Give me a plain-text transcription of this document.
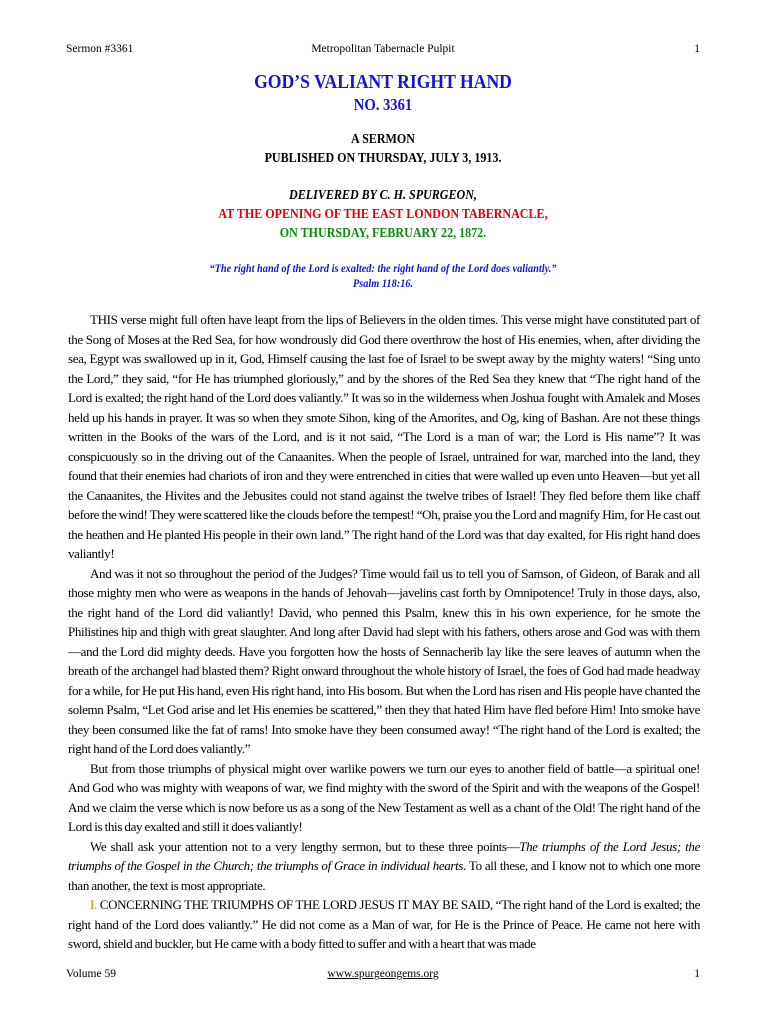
Sermon #3361	Metropolitan Tabernacle Pulpit	1
GOD’S VALIANT RIGHT HAND
NO. 3361
A SERMON
PUBLISHED ON THURSDAY, JULY 3, 1913.
DELIVERED BY C. H. SPURGEON,
AT THE OPENING OF THE EAST LONDON TABERNACLE,
ON THURSDAY, FEBRUARY 22, 1872.
“The right hand of the Lord is exalted: the right hand of the Lord does valiantly.”
Psalm 118:16.

THIS verse might full often have leapt from the lips of Believers in the olden times. This verse might have constituted part of the Song of Moses at the Red Sea, for how wondrously did God there overthrow the host of His enemies, when, after dividing the sea, Egypt was swallowed up in it, God, Himself causing the last foe of Israel to be swept away by the mighty waters! “Sing unto the Lord,” they said, “for He has triumphed gloriously,” and by the shores of the Red Sea they knew that “The right hand of the Lord is exalted; the right hand of the Lord does valiantly.” It was so in the wilderness when Joshua fought with Amalek and Moses held up his hands in prayer. It was so when they smote Sihon, king of the Amorites, and Og, king of Bashan. Are not these things written in the Books of the wars of the Lord, and is it not said, “The Lord is a man of war; the Lord is His name”? It was conspicuously so in the driving out of the Canaanites. When the people of Israel, untrained for war, marched into the land, they found that their enemies had chariots of iron and they were entrenched in cities that were walled up even unto Heaven—but yet all the Canaanites, the Hivites and the Jebusites could not stand against the twelve tribes of Israel! They fled before them like chaff before the wind! They were scattered like the clouds before the tempest! “Oh, praise you the Lord and magnify Him, for He cast out the heathen and He planted His people in their own land.” The right hand of the Lord was that day exalted, for His right hand does valiantly!

And was it not so throughout the period of the Judges? Time would fail us to tell you of Samson, of Gideon, of Barak and all those mighty men who were as weapons in the hands of Jehovah—javelins cast forth by Omnipotence! Truly in those days, also, the right hand of the Lord did valiantly! David, who penned this Psalm, knew this in his own experience, for he smote the Philistines hip and thigh with great slaughter. And long after David had slept with his fathers, others arose and God was with them—and the Lord did mighty deeds. Have you forgotten how the hosts of Sennacherib lay like the sere leaves of autumn when the breath of the archangel had blasted them? Right onward throughout the whole history of Israel, the foes of God had made headway for a while, for He put His hand, even His right hand, into His bosom. But when the Lord has risen and His people have chanted the solemn Psalm, “Let God arise and let His enemies be scattered,” then they that hated Him have fled before Him! Into smoke have they been consumed like the fat of rams! Into smoke have they been consumed away! “The right hand of the Lord is exalted; the right hand of the Lord does valiantly.”

But from those triumphs of physical might over warlike powers we turn our eyes to another field of battle—a spiritual one! And God who was mighty with weapons of war, we find mighty with the sword of the Spirit and with the weapons of the Gospel! And we claim the verse which is now before us as a song of the New Testament as well as a chant of the Old! The right hand of the Lord is this day exalted and still it does valiantly!

We shall ask your attention not to a very lengthy sermon, but to these three points—The triumphs of the Lord Jesus; the triumphs of the Gospel in the Church; the triumphs of Grace in individual hearts. To all these, and I know not to which one more than another, the text is most appropriate.

I. CONCERNING THE TRIUMPHS OF THE LORD JESUS IT MAY BE SAID, “The right hand of the Lord is exalted; the right hand of the Lord does valiantly.” He did not come as a Man of war, for He is the Prince of Peace. He came not here with sword, shield and buckler, but He came with a body fitted to suffer and with a heart that was made

Volume 59	www.spurgeongems.org	1
